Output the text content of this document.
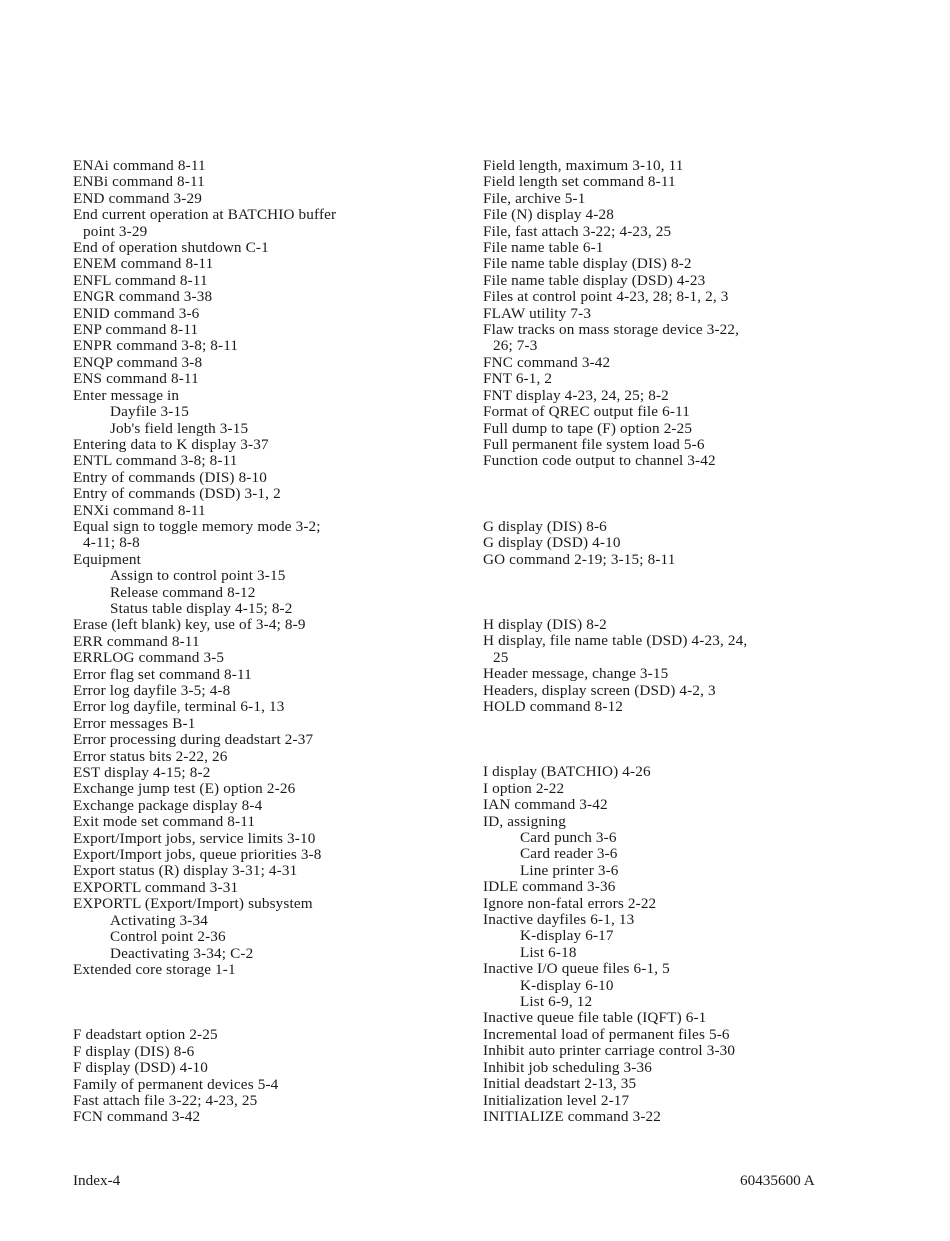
ENAi command 8-11
ENBi command 8-11
END command 3-29
End current operation at BATCHIO buffer
point 3-29
End of operation shutdown C-1
ENEM command 8-11
ENFL command 8-11
ENGR command 3-38
ENID command 3-6
ENP command 8-11
ENPR command 3-8; 8-11
ENQP command 3-8
ENS command 8-11
Enter message in
Dayfile 3-15
Job's field length 3-15
Entering data to K display 3-37
ENTL command 3-8; 8-11
Entry of commands (DIS) 8-10
Entry of commands (DSD) 3-1, 2
ENXi command 8-11
Equal sign to toggle memory mode 3-2;
4-11; 8-8
Equipment
Assign to control point 3-15
Release command 8-12
Status table display 4-15; 8-2
Erase (left blank) key, use of 3-4; 8-9
ERR command 8-11
ERRLOG command 3-5
Error flag set command 8-11
Error log dayfile 3-5; 4-8
Error log dayfile, terminal 6-1, 13
Error messages B-1
Error processing during deadstart 2-37
Error status bits 2-22, 26
EST display 4-15; 8-2
Exchange jump test (E) option 2-26
Exchange package display 8-4
Exit mode set command 8-11
Export/Import jobs, service limits 3-10
Export/Import jobs, queue priorities 3-8
Export status (R) display 3-31; 4-31
EXPORTL command 3-31
EXPORTL (Export/Import) subsystem
Activating 3-34
Control point 2-36
Deactivating 3-34; C-2
Extended core storage 1-1
F deadstart option 2-25
F display (DIS) 8-6
F display (DSD) 4-10
Family of permanent devices 5-4
Fast attach file 3-22; 4-23, 25
FCN command 3-42
Field length, maximum 3-10, 11
Field length set command 8-11
File, archive 5-1
File (N) display 4-28
File, fast attach 3-22; 4-23, 25
File name table 6-1
File name table display (DIS) 8-2
File name table display (DSD) 4-23
Files at control point 4-23, 28; 8-1, 2, 3
FLAW utility 7-3
Flaw tracks on mass storage device 3-22,
26; 7-3
FNC command 3-42
FNT 6-1, 2
FNT display 4-23, 24, 25; 8-2
Format of QREC output file 6-11
Full dump to tape (F) option 2-25
Full permanent file system load 5-6
Function code output to channel 3-42
G display (DIS) 8-6
G display (DSD) 4-10
GO command 2-19; 3-15; 8-11
H display (DIS) 8-2
H display, file name table (DSD) 4-23, 24,
25
Header message, change 3-15
Headers, display screen (DSD) 4-2, 3
HOLD command 8-12
I display (BATCHIO) 4-26
I option 2-22
IAN command 3-42
ID, assigning
Card punch 3-6
Card reader 3-6
Line printer 3-6
IDLE command 3-36
Ignore non-fatal errors 2-22
Inactive dayfiles 6-1, 13
K-display 6-17
List 6-18
Inactive I/O queue files 6-1, 5
K-display 6-10
List 6-9, 12
Inactive queue file table (IQFT) 6-1
Incremental load of permanent files 5-6
Inhibit auto printer carriage control 3-30
Inhibit job scheduling 3-36
Initial deadstart 2-13, 35
Initialization level 2-17
INITIALIZE command 3-22
Index-4	60435600 A
